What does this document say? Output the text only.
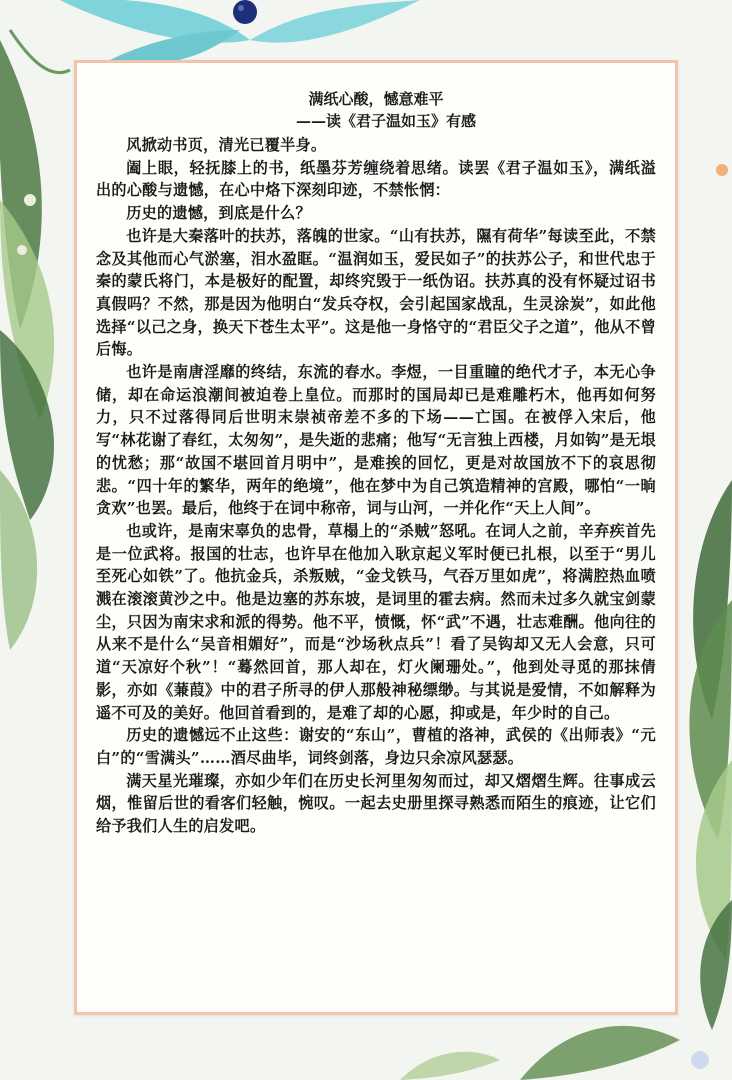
满纸心酸，憾意难平

——读《君子温如玉》有感

风掀动书页，清光已覆半身。

阖上眼，轻抚膝上的书，纸墨芬芳缠绕着思绪。读罢《君子温如玉》，满纸溢出的心酸与遗憾，在心中烙下深刻印迹，不禁怅惘：

历史的遗憾，到底是什么？

也许是大秦落叶的扶苏，落魄的世家。“山有扶苏，隰有荷华”每读至此，不禁念及其他而心气淤塞，泪水盈眶。“温润如玉，爱民如子”的扶苏公子，和世代忠于秦的蒙氏将门，本是极好的配置，却终究毁于一纸伪诏。扶苏真的没有怀疑过诏书真假吗？不然，那是因为他明白“发兵夺权，会引起国家战乱，生灵涂炭”，如此他选择“以己之身，换天下苍生太平”。这是他一身恪守的“君臣父子之道”，他从不曾后悔。

也许是南唐淫靡的终结，东流的春水。李煜，一目重瞳的绝代才子，本无心争储，却在命运浪潮间被迫卷上皇位。而那时的国局却已是难雕朽木，他再如何努力，只不过落得同后世明末崇祯帝差不多的下场——亡国。在被俘入宋后，他写“林花谢了春红，太匆匆”，是失逝的悲痛；他写“无言独上西楼，月如钩”是无垠的忧愁；那“故国不堪回首月明中”，是难挨的回忆，更是对故国放不下的哀思彻悲。“四十年的繁华，两年的绝境”，他在梦中为自己筑造精神的宫殿，哪怕“一晌贪欢”也罢。最后，他终于在词中称帝，词与山河，一并化作“天上人间”。

也或许，是南宋辜负的忠骨，草榻上的“杀贼”怒吼。在词人之前，辛弃疾首先是一位武将。报国的壮志，也许早在他加入耿京起义军时便已扎根，以至于“男儿至死心如铁”了。他抗金兵，杀叛贼，“金戈铁马，气吞万里如虎”，将满腔热血喷溅在滚滚黄沙之中。他是边塞的苏东坡，是词里的霍去病。然而未过多久就宝剑蒙尘，只因为南宋求和派的得势。他不平，愤慨，怀“武”不遇，壮志难酬。他向往的从来不是什么“吴音相媚好”，而是“沙场秋点兵”！看了吴钩却又无人会意，只可道“天凉好个秋”！“蓦然回首，那人却在，灯火阑珊处。”，他到处寻觅的那抹倩影，亦如《蒹葭》中的君子所寻的伊人那般神秘缥缈。与其说是爱情，不如解释为遥不可及的美好。他回首看到的，是难了却的心愿，抑或是，年少时的自己。

历史的遗憾远不止这些：谢安的“东山”，曹植的洛神，武侯的《出师表》“元白”的“雪满头”……酒尽曲毕，词终剑落，身边只余凉风瑟瑟。

满天星光璀璨，亦如少年们在历史长河里匆匆而过，却又熠熠生辉。往事成云烟，惟留后世的看客们轻触，惋叹。一起去史册里探寻熟悉而陌生的痕迹，让它们给予我们人生的启发吧。
